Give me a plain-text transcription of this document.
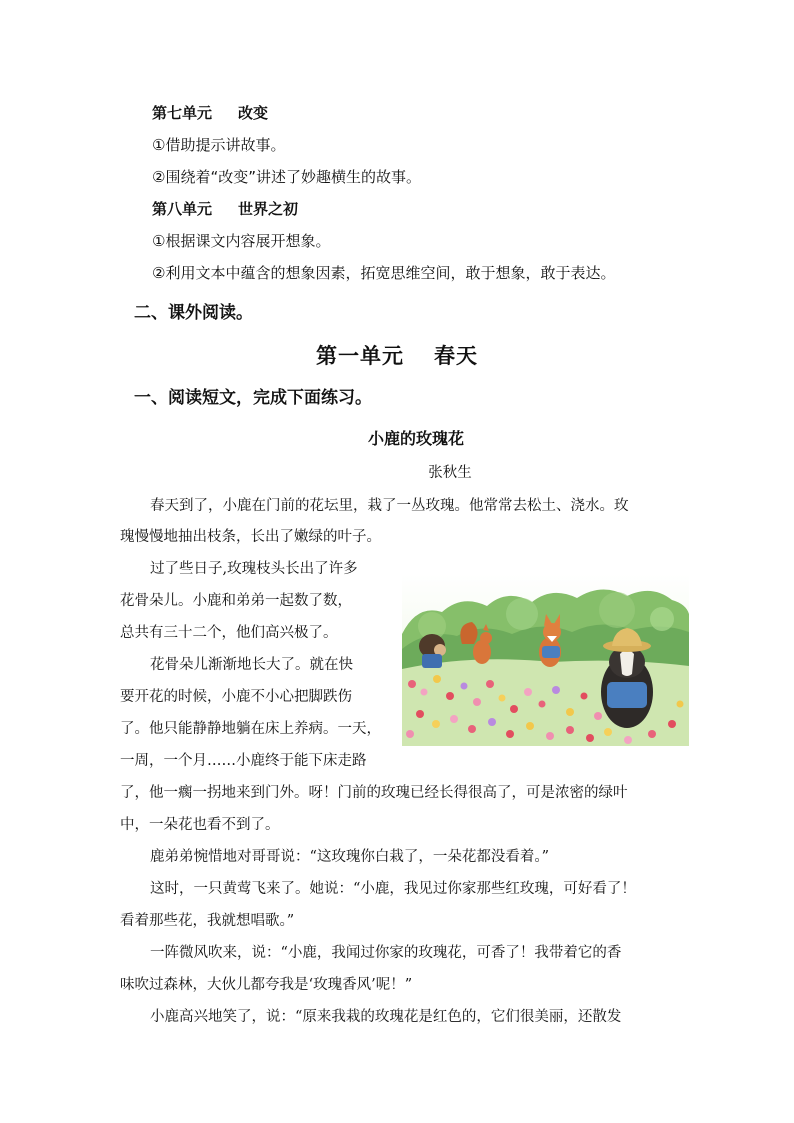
第七单元 改变
①借助提示讲故事。
②围绕着“改变”讲述了妙趣横生的故事。
第八单元 世界之初
①根据课文内容展开想象。
②利用文本中蕴含的想象因素，拓宽思维空间，敢于想象，敢于表达。
二、课外阅读。
第一单元 春天
一、阅读短文，完成下面练习。
小鹿的玫瑰花
张秋生
春天到了，小鹿在门前的花坛里，栽了一丛玫瑰。他常常去松土、浇水。玫
瑰慢慢地抽出枝条，长出了嫩绿的叶子。
过了些日子,玫瑰枝头长出了许多
花骨朵儿。小鹿和弟弟一起数了数，
总共有三十二个，他们高兴极了。
花骨朵儿渐渐地长大了。就在快
要开花的时候，小鹿不小心把脚跌伤
了。他只能静静地躺在床上养病。一天，
一周，一个月……小鹿终于能下床走路
了，他一瘸一拐地来到门外。呀！门前的玫瑰已经长得很高了，可是浓密的绿叶
中，一朵花也看不到了。
鹿弟弟惋惜地对哥哥说：“这玫瑰你白栽了，一朵花都没看着。”
这时，一只黄莺飞来了。她说：“小鹿，我见过你家那些红玫瑰，可好看了！
看着那些花，我就想唱歌。”
一阵微风吹来，说：“小鹿，我闻过你家的玫瑰花，可香了！我带着它的香
味吹过森林，大伙儿都夸我是‘玫瑰香风’呢！”
小鹿高兴地笑了，说：“原来我栽的玫瑰花是红色的，它们很美丽，还散发
